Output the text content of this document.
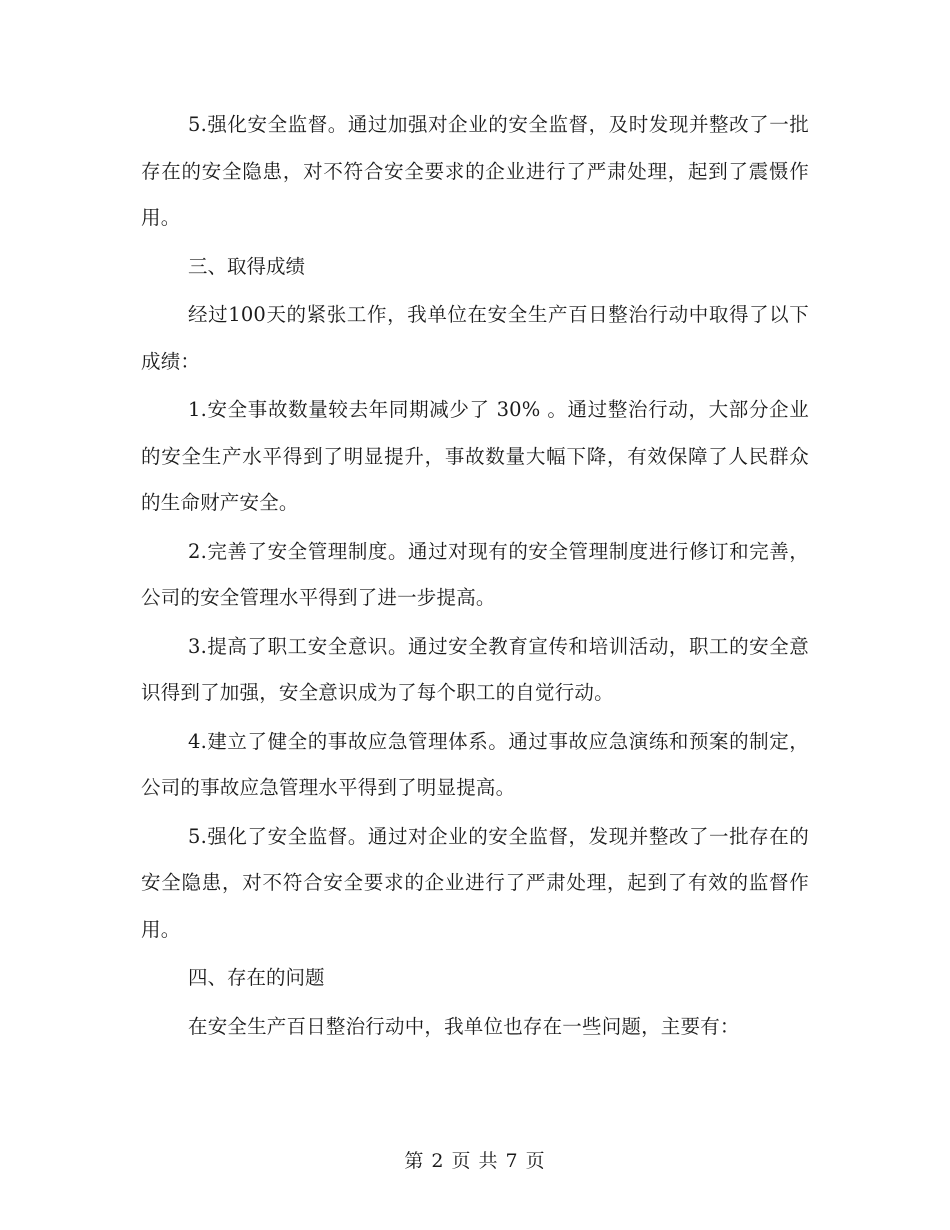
5.强化安全监督。通过加强对企业的安全监督，及时发现并整改了一批存在的安全隐患，对不符合安全要求的企业进行了严肃处理，起到了震慑作用。

三、取得成绩

经过100天的紧张工作，我单位在安全生产百日整治行动中取得了以下成绩：

1.安全事故数量较去年同期减少了 30% 。通过整治行动，大部分企业的安全生产水平得到了明显提升，事故数量大幅下降，有效保障了人民群众的生命财产安全。

2.完善了安全管理制度。通过对现有的安全管理制度进行修订和完善，公司的安全管理水平得到了进一步提高。

3.提高了职工安全意识。通过安全教育宣传和培训活动，职工的安全意识得到了加强，安全意识成为了每个职工的自觉行动。

4.建立了健全的事故应急管理体系。通过事故应急演练和预案的制定，公司的事故应急管理水平得到了明显提高。

5.强化了安全监督。通过对企业的安全监督，发现并整改了一批存在的安全隐患，对不符合安全要求的企业进行了严肃处理，起到了有效的监督作用。

四、存在的问题

在安全生产百日整治行动中，我单位也存在一些问题，主要有：

第 2 页 共 7 页
